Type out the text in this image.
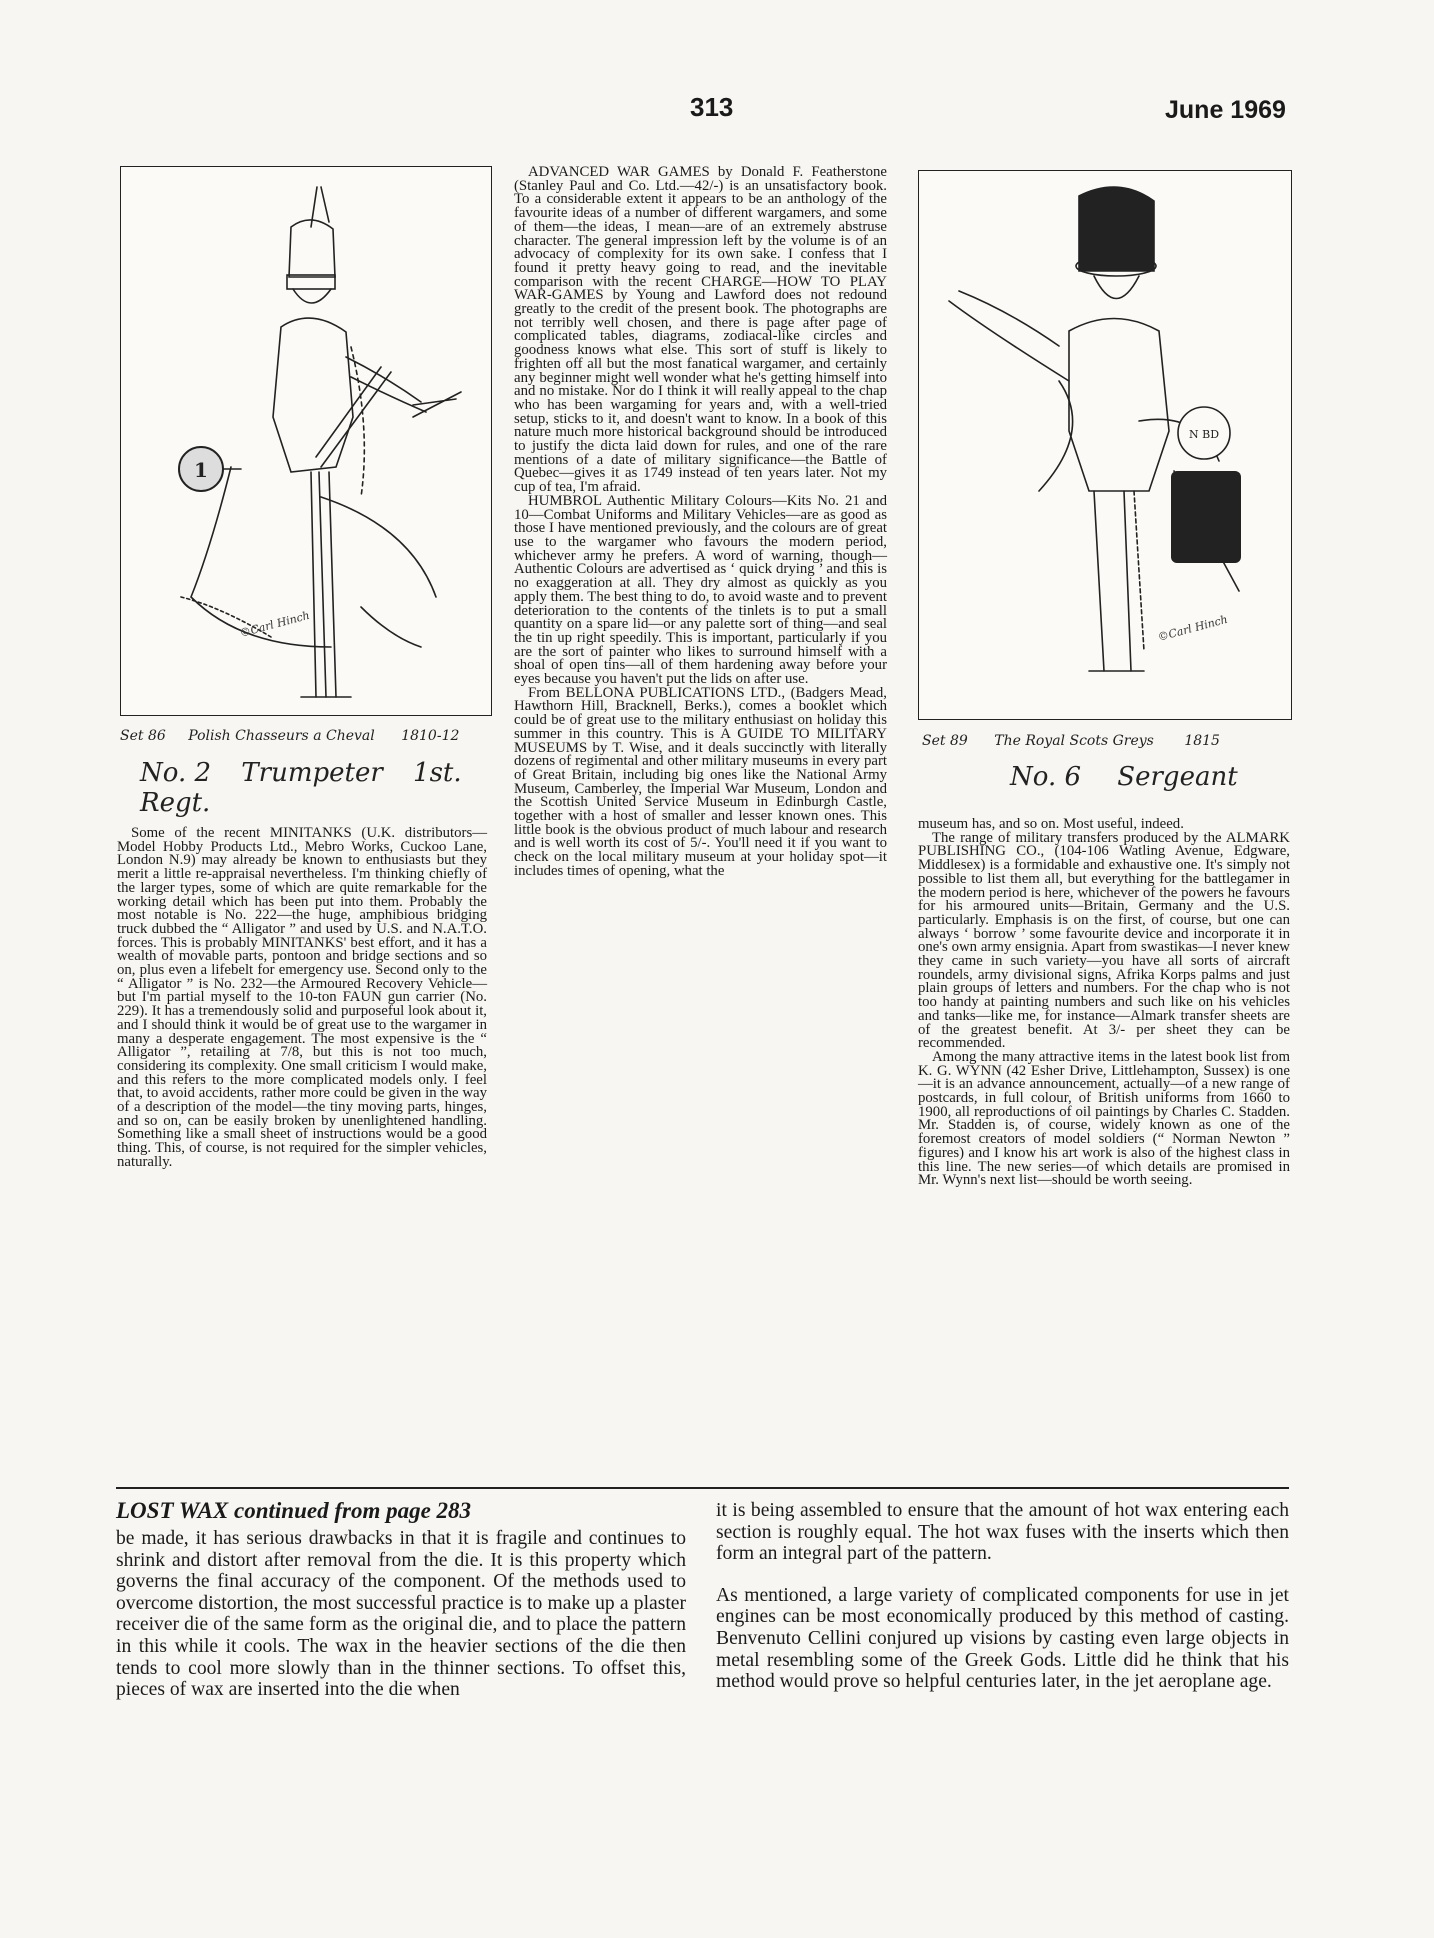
313	June 1969
1
©Carl Hinch
Set 86 Polish Chasseurs a Cheval 1810-12
No. 2 Trumpeter 1st. Regt.
N BD
©Carl Hinch
Set 89 The Royal Scots Greys 1815
No. 6 Sergeant

Some of the recent MINITANKS (U.K. distributors—Model Hobby Products Ltd., Mebro Works, Cuckoo Lane, London N.9) may already be known to enthusiasts but they merit a little re-appraisal nevertheless. I'm thinking chiefly of the larger types, some of which are quite remarkable for the working detail which has been put into them. Probably the most notable is No. 222—the huge, amphibious bridging truck dubbed the “ Alligator ” and used by U.S. and N.A.T.O. forces. This is probably MINITANKS' best effort, and it has a wealth of movable parts, pontoon and bridge sections and so on, plus even a lifebelt for emergency use. Second only to the “ Alligator ” is No. 232—the Armoured Recovery Vehicle—but I'm partial myself to the 10-ton FAUN gun carrier (No. 229). It has a tremendously solid and purposeful look about it, and I should think it would be of great use to the wargamer in many a desperate engagement. The most expensive is the “ Alligator ”, retailing at 7/8, but this is not too much, considering its complexity. One small criticism I would make, and this refers to the more complicated models only. I feel that, to avoid accidents, rather more could be given in the way of a description of the model—the tiny moving parts, hinges, and so on, can be easily broken by unenlightened handling. Something like a small sheet of instructions would be a good thing. This, of course, is not required for the simpler vehicles, naturally.

ADVANCED WAR GAMES by Donald F. Featherstone (Stanley Paul and Co. Ltd.—42/-) is an unsatisfactory book. To a considerable extent it appears to be an anthology of the favourite ideas of a number of different wargamers, and some of them—the ideas, I mean—are of an extremely abstruse character. The general impression left by the volume is of an advocacy of complexity for its own sake. I confess that I found it pretty heavy going to read, and the inevitable comparison with the recent CHARGE—HOW TO PLAY WAR-GAMES by Young and Lawford does not redound greatly to the credit of the present book. The photographs are not terribly well chosen, and there is page after page of complicated tables, diagrams, zodiacal-like circles and goodness knows what else. This sort of stuff is likely to frighten off all but the most fanatical wargamer, and certainly any beginner might well wonder what he's getting himself into and no mistake. Nor do I think it will really appeal to the chap who has been wargaming for years and, with a well-tried setup, sticks to it, and doesn't want to know. In a book of this nature much more historical background should be introduced to justify the dicta laid down for rules, and one of the rare mentions of a date of military significance—the Battle of Quebec—gives it as 1749 instead of ten years later. Not my cup of tea, I'm afraid.

HUMBROL Authentic Military Colours—Kits No. 21 and 10—Combat Uniforms and Military Vehicles—are as good as those I have mentioned previously, and the colours are of great use to the wargamer who favours the modern period, whichever army he prefers. A word of warning, though—Authentic Colours are advertised as ‘ quick drying ’ and this is no exaggeration at all. They dry almost as quickly as you apply them. The best thing to do, to avoid waste and to prevent deterioration to the contents of the tinlets is to put a small quantity on a spare lid—or any palette sort of thing—and seal the tin up right speedily. This is important, particularly if you are the sort of painter who likes to surround himself with a shoal of open tins—all of them hardening away before your eyes because you haven't put the lids on after use.

From BELLONA PUBLICATIONS LTD., (Badgers Mead, Hawthorn Hill, Bracknell, Berks.), comes a booklet which could be of great use to the military enthusiast on holiday this summer in this country. This is A GUIDE TO MILITARY MUSEUMS by T. Wise, and it deals succinctly with literally dozens of regimental and other military museums in every part of Great Britain, including big ones like the National Army Museum, Camberley, the Imperial War Museum, London and the Scottish United Service Museum in Edinburgh Castle, together with a host of smaller and lesser known ones. This little book is the obvious product of much labour and research and is well worth its cost of 5/-. You'll need it if you want to check on the local military museum at your holiday spot—it includes times of opening, what the

museum has, and so on. Most useful, indeed.

The range of military transfers produced by the ALMARK PUBLISHING CO., (104-106 Watling Avenue, Edgware, Middlesex) is a formidable and exhaustive one. It's simply not possible to list them all, but everything for the battlegamer in the modern period is here, whichever of the powers he favours for his armoured units—Britain, Germany and the U.S. particularly. Emphasis is on the first, of course, but one can always ‘ borrow ’ some favourite device and incorporate it in one's own army ensignia. Apart from swastikas—I never knew they came in such variety—you have all sorts of aircraft roundels, army divisional signs, Afrika Korps palms and just plain groups of letters and numbers. For the chap who is not too handy at painting numbers and such like on his vehicles and tanks—like me, for instance—Almark transfer sheets are of the greatest benefit. At 3/- per sheet they can be recommended.

Among the many attractive items in the latest book list from K. G. WYNN (42 Esher Drive, Littlehampton, Sussex) is one—it is an advance announcement, actually—of a new range of postcards, in full colour, of British uniforms from 1660 to 1900, all reproductions of oil paintings by Charles C. Stadden. Mr. Stadden is, of course, widely known as one of the foremost creators of model soldiers (“ Norman Newton ” figures) and I know his art work is also of the highest class in this line. The new series—of which details are promised in Mr. Wynn's next list—should be worth seeing.

LOST WAX continued from page 283

be made, it has serious drawbacks in that it is fragile and continues to shrink and distort after removal from the die. It is this property which governs the final accuracy of the component. Of the methods used to overcome distortion, the most successful practice is to make up a plaster receiver die of the same form as the original die, and to place the pattern in this while it cools. The wax in the heavier sections of the die then tends to cool more slowly than in the thinner sections. To offset this, pieces of wax are inserted into the die when

it is being assembled to ensure that the amount of hot wax entering each section is roughly equal. The hot wax fuses with the inserts which then form an integral part of the pattern.

As mentioned, a large variety of complicated components for use in jet engines can be most economically produced by this method of casting. Benvenuto Cellini conjured up visions by casting even large objects in metal resembling some of the Greek Gods. Little did he think that his method would prove so helpful centuries later, in the jet aeroplane age.
